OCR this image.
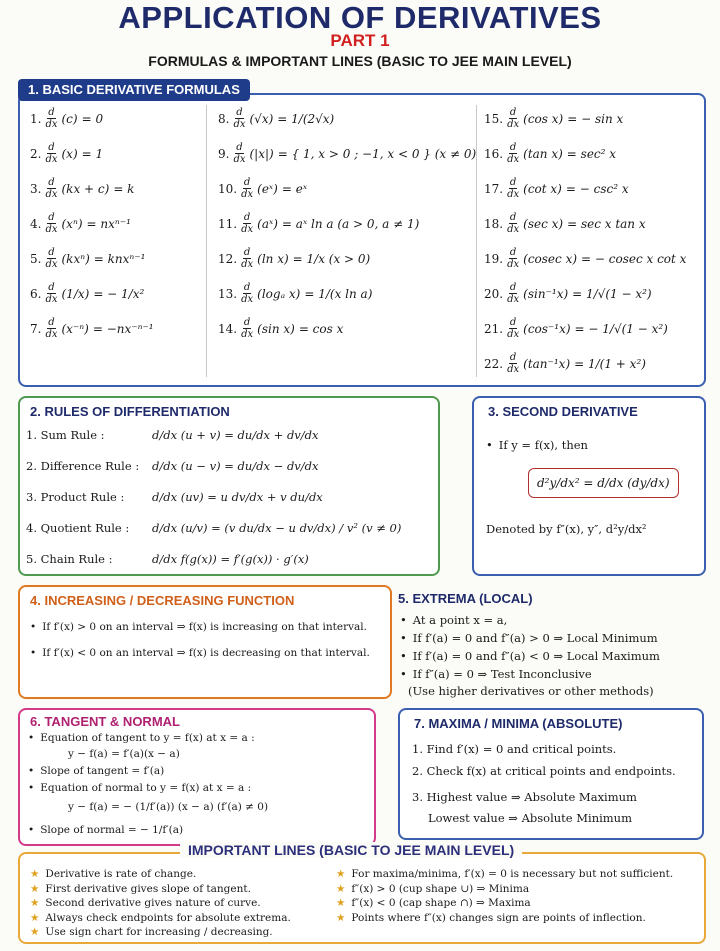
APPLICATION OF DERIVATIVES
PART 1
FORMULAS & IMPORTANT LINES (BASIC TO JEE MAIN LEVEL)
1. d
dx (c) = 0
2. d
dx (x) = 1
3. d
dx (kx + c) = k
4. d
dx (xⁿ) = nxⁿ⁻¹
5. d
dx (kxⁿ) = knxⁿ⁻¹
6. d
dx (1/x) = − 1/x²
7. d
dx (x⁻ⁿ) = −nx⁻ⁿ⁻¹
8. d
dx (√x) = 1/(2√x)
9. d
dx (|x|) = { 1, x > 0 ; −1, x < 0 } (x ≠ 0)
10. d
dx (eˣ) = eˣ
11. d
dx (aˣ) = aˣ ln a (a > 0, a ≠ 1)
12. d
dx (ln x) = 1/x (x > 0)
13. d
dx (logₐ x) = 1/(x ln a)
14. d
dx (sin x) = cos x
15. d
dx (cos x) = − sin x
16. d
dx (tan x) = sec² x
17. d
dx (cot x) = − csc² x
18. d
dx (sec x) = sec x tan x
19. d
dx (cosec x) = − cosec x cot x
20. d
dx (sin⁻¹x) = 1/√(1 − x²)
21. d
dx (cos⁻¹x) = − 1/√(1 − x²)
22. d
dx (tan⁻¹x) = 1/(1 + x²)
1. BASIC DERIVATIVE FORMULAS
2. RULES OF DIFFERENTIATION
1. Sum Rule :	d/dx (u + v) = du/dx + dv/dx
2. Difference Rule : d/dx (u − v) = du/dx − dv/dx
3. Product Rule : d/dx (uv) = u dv/dx + v du/dx
4. Quotient Rule : d/dx (u/v) = (v du/dx − u dv/dx) / v² (v ≠ 0)
5. Chain Rule :	d/dx f(g(x)) = f′(g(x)) · g′(x)
3. SECOND DERIVATIVE
• If y = f(x), then
d²y/dx² = d/dx (dy/dx)
Denoted by f″(x), y″, d²y/dx²
4. INCREASING / DECREASING FUNCTION
• If f′(x) > 0 on an interval ⇒ f(x) is increasing on that interval.
• If f′(x) < 0 on an interval ⇒ f(x) is decreasing on that interval.
5. EXTREMA (LOCAL)
• At a point x = a,
• If f′(a) = 0 and f″(a) > 0 ⇒ Local Minimum
• If f′(a) = 0 and f″(a) < 0 ⇒ Local Maximum
• If f″(a) = 0 ⇒ Test Inconclusive
(Use higher derivatives or other methods)
6. TANGENT & NORMAL
• Equation of tangent to y = f(x) at x = a :
y − f(a) = f′(a)(x − a)
• Slope of tangent = f′(a)
• Equation of normal to y = f(x) at x = a :
y − f(a) = − (1/f′(a)) (x − a) (f′(a) ≠ 0)
• Slope of normal = − 1/f′(a)
7. MAXIMA / MINIMA (ABSOLUTE)
1. Find f′(x) = 0 and critical points.
2. Check f(x) at critical points and endpoints.
3. Highest value ⇒ Absolute Maximum
Lowest value ⇒ Absolute Minimum
IMPORTANT LINES (BASIC TO JEE MAIN LEVEL)
★ Derivative is rate of change.
★ First derivative gives slope of tangent.
★ Second derivative gives nature of curve.
★ Always check endpoints for absolute extrema.
★ Use sign chart for increasing / decreasing.
★ For maxima/minima, f′(x) = 0 is necessary but not sufficient.
★ f″(x) > 0 (cup shape ∪) ⇒ Minima
★ f″(x) < 0 (cap shape ∩) ⇒ Maxima
★ Points where f″(x) changes sign are points of inflection.
